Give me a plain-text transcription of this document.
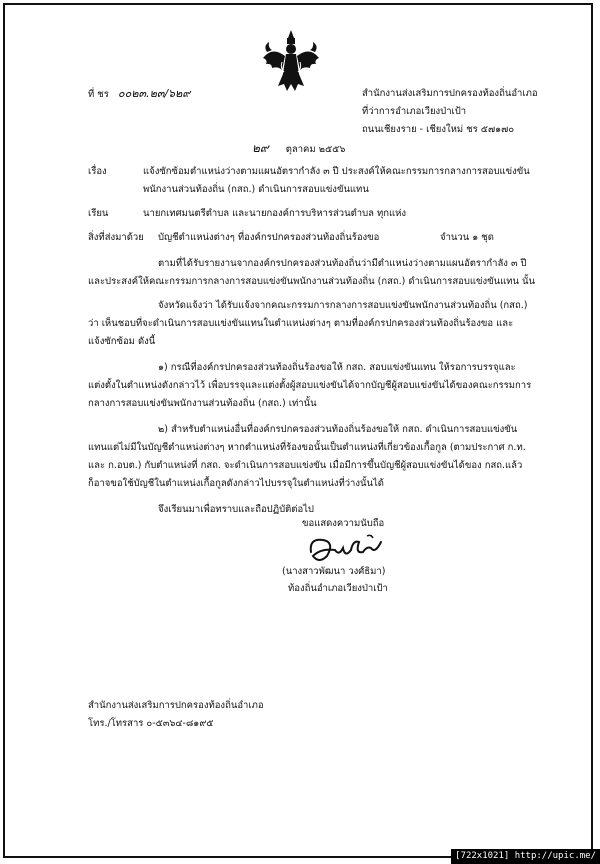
ที่ ชร ๐๐๒๓.๒๓/๖๒๙	สำนักงานส่งเสริมการปกครองท้องถิ่นอำเภอ
ที่ว่าการอำเภอเวียงป่าเป้า
ถนนเชียงราย - เชียงใหม่ ชร ๕๗๑๗๐
๒๙ ตุลาคม ๒๕๕๖
เรื่อง	แจ้งซักซ้อมตำแหน่งว่างตามแผนอัตรากำลัง ๓ ปี ประสงค์ให้คณะกรรมการกลางการสอบแข่งขัน
พนักงานส่วนท้องถิ่น (กสถ.) ดำเนินการสอบแข่งขันแทน
เรียน	นายกเทศมนตรีตำบล และนายกองค์การบริหารส่วนตำบล ทุกแห่ง
สิ่งที่ส่งมาด้วย บัญชีตำแหน่งต่างๆ ที่องค์กรปกครองส่วนท้องถิ่นร้องขอ	จำนวน ๑ ชุด
ตามที่ได้รับรายงานจากองค์กรปกครองส่วนท้องถิ่นว่ามีตำแหน่งว่างตามแผนอัตรากำลัง ๓ ปี
และประสงค์ให้คณะกรรมการกลางการสอบแข่งขันพนักงานส่วนท้องถิ่น (กสถ.) ดำเนินการสอบแข่งขันแทน นั้น
จังหวัดแจ้งว่า ได้รับแจ้งจากคณะกรรมการกลางการสอบแข่งขันพนักงานส่วนท้องถิ่น (กสถ.)
ว่า เห็นชอบที่จะดำเนินการสอบแข่งขันแทนในตำแหน่งต่างๆ ตามที่องค์กรปกครองส่วนท้องถิ่นร้องขอ และ
แจ้งซักซ้อม ดังนี้
๑) กรณีที่องค์กรปกครองส่วนท้องถิ่นร้องขอให้ กสถ. สอบแข่งขันแทน ให้รอการบรรจุและ
แต่งตั้งในตำแหน่งดังกล่าวไว้ เพื่อบรรจุและแต่งตั้งผู้สอบแข่งขันได้จากบัญชีผู้สอบแข่งขันได้ของคณะกรรมการ
กลางการสอบแข่งขันพนักงานส่วนท้องถิ่น (กสถ.) เท่านั้น
๒) สำหรับตำแหน่งอื่นที่องค์กรปกครองส่วนท้องถิ่นร้องขอให้ กสถ. ดำเนินการสอบแข่งขัน
แทนแต่ไม่มีในบัญชีตำแหน่งต่างๆ หากตำแหน่งที่ร้องขอนั้นเป็นตำแหน่งที่เกี่ยวข้องเกื้อกูล (ตามประกาศ ก.ท.
และ ก.อบต.) กับตำแหน่งที่ กสถ. จะดำเนินการสอบแข่งขัน เมื่อมีการขึ้นบัญชีผู้สอบแข่งขันได้ของ กสถ.แล้ว
ก็อาจขอใช้บัญชีในตำแหน่งเกื้อกูลดังกล่าวไปบรรจุในตำแหน่งที่ว่างนั้นได้
จึงเรียนมาเพื่อทราบและถือปฏิบัติต่อไป
ขอแสดงความนับถือ
(นางสาวพัฒนา วงศ์ธิมา)
ท้องถิ่นอำเภอเวียงป่าเป้า
สำนักงานส่งเสริมการปกครองท้องถิ่นอำเภอ
โทร./โทรสาร ๐-๕๓๖๔-๘๑๙๕
[722x1021] http://upic.me/
